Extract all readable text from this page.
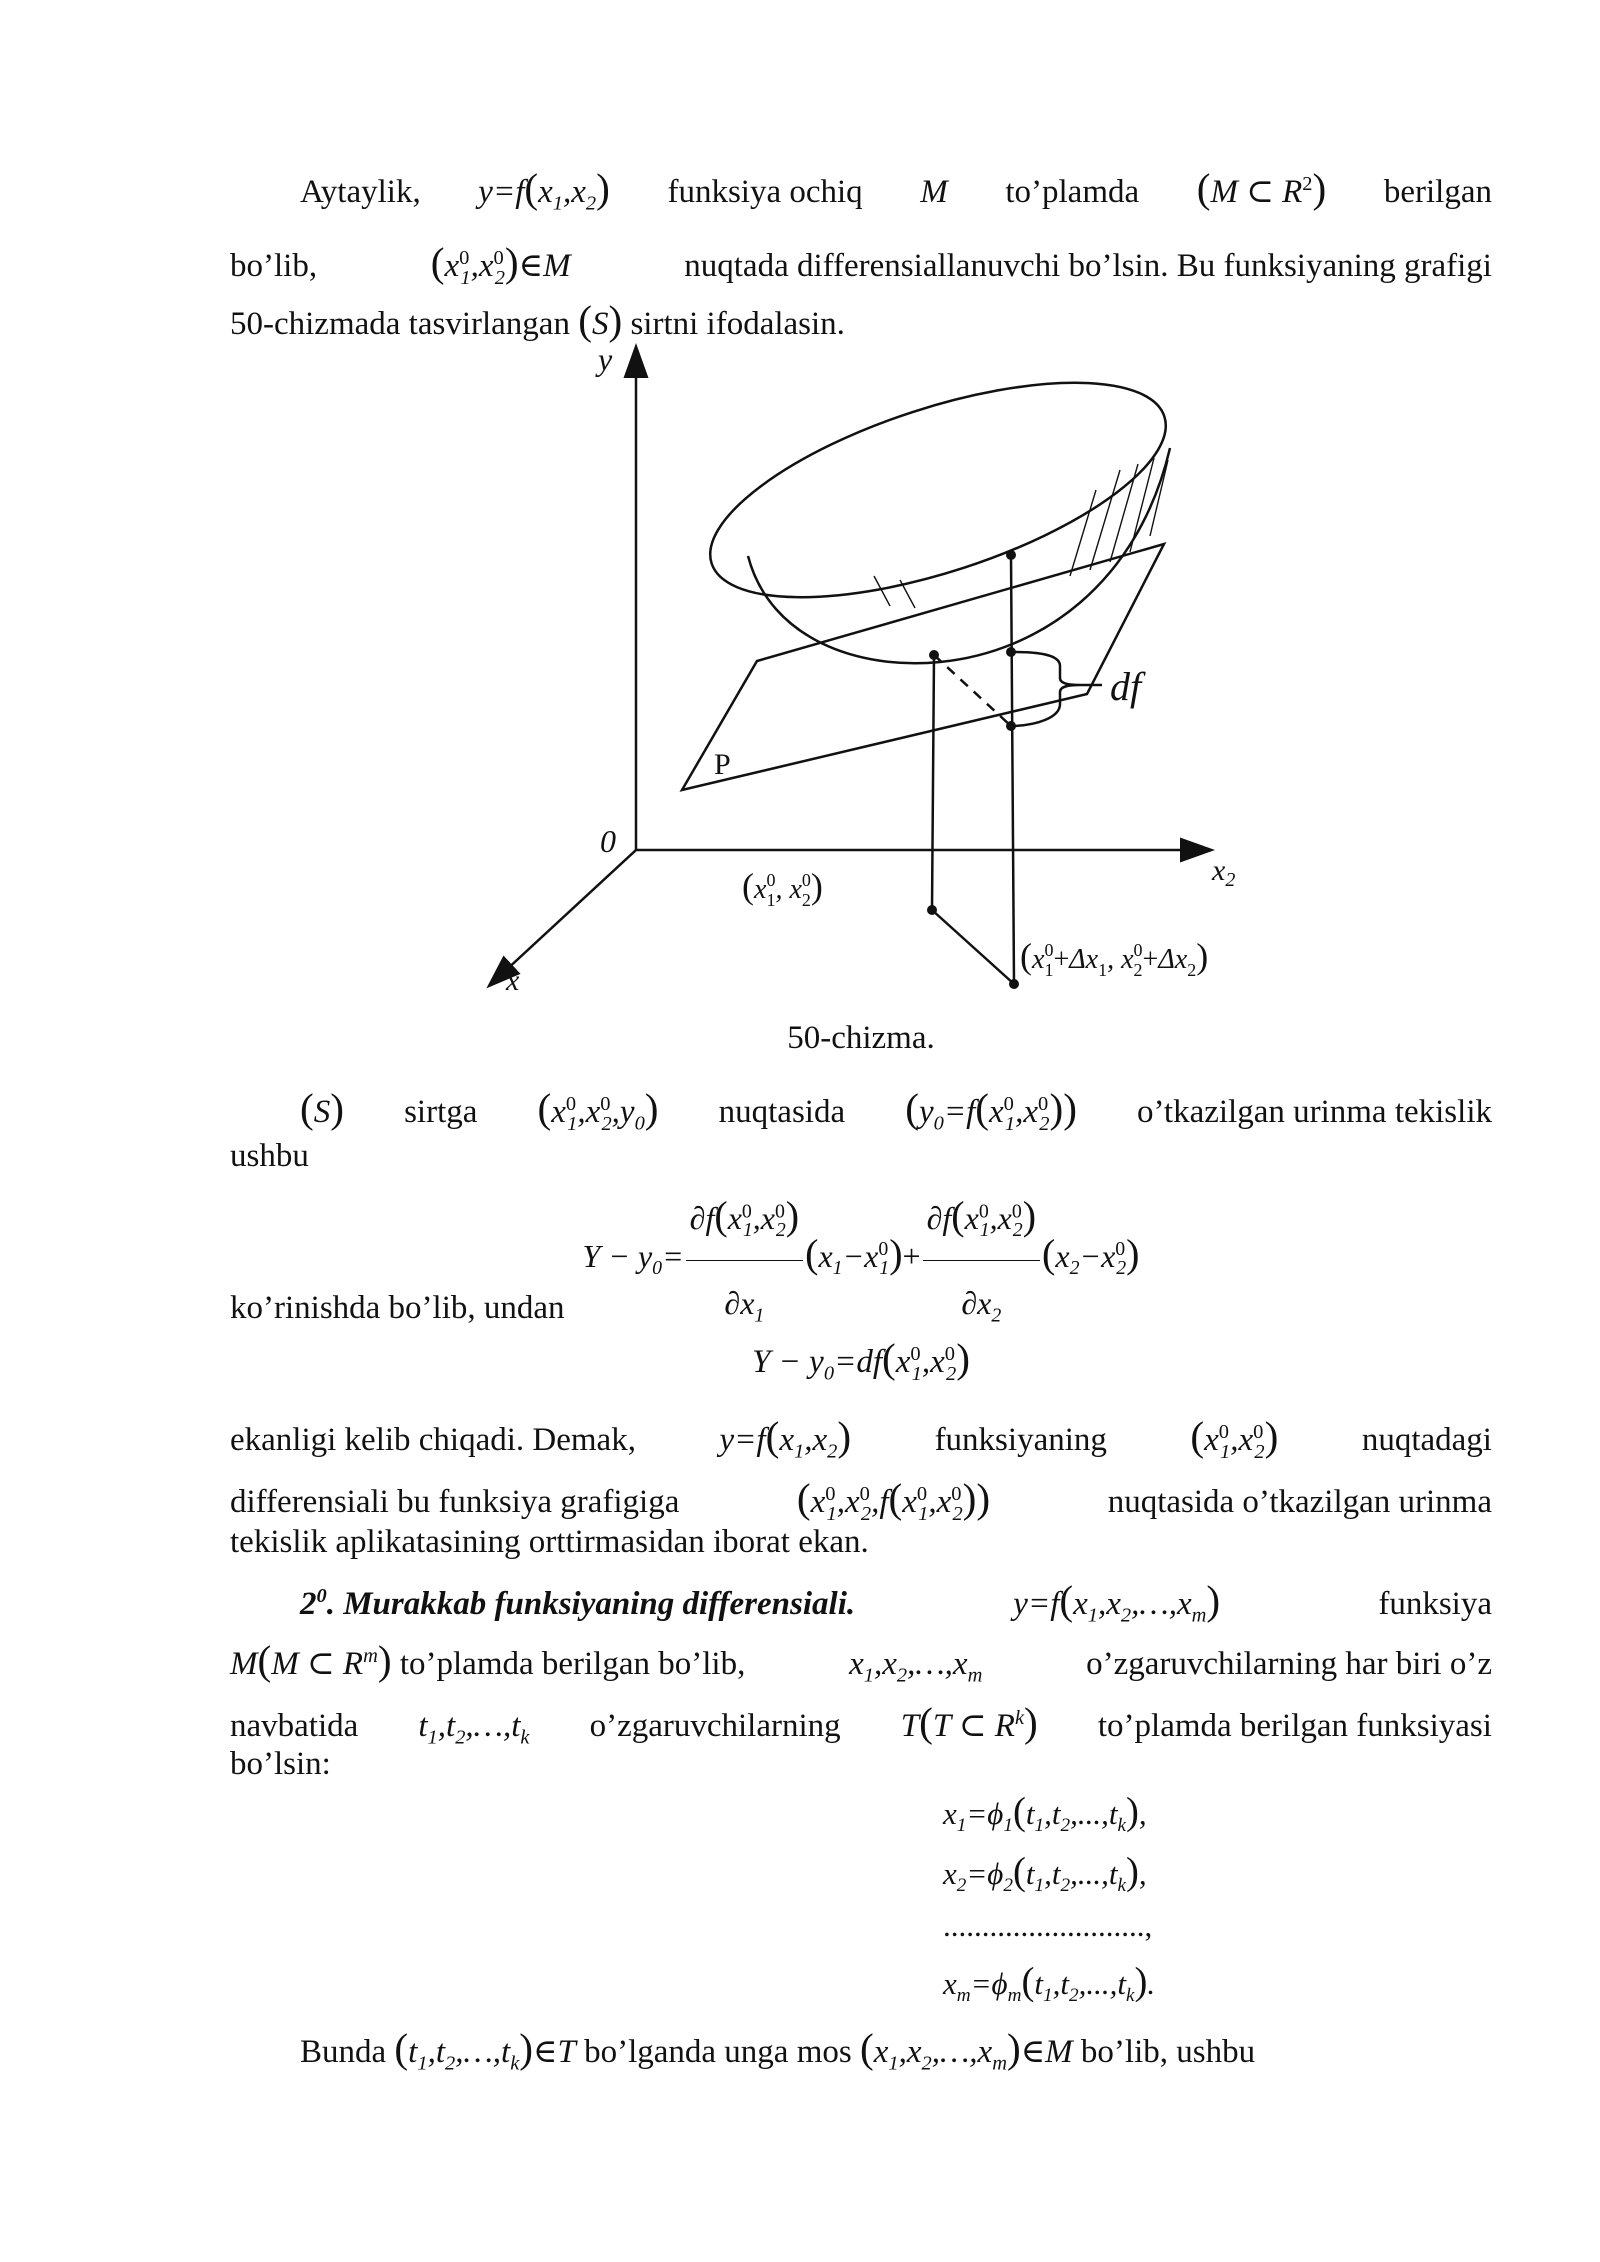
Aytaylik, $y=f(x_1,x_2)$ funksiya ochiq M to’plamda (M ⊂ $R^2$) berilgan
bo’lib,	$(x^0_1,x^0_2)\in M$	nuqtada differensiallanuvchi bo’lsin. Bu funksiyaning grafigi
50-chizmada tasvirlangan (S) sirtni ifodalasin.
50-chizma.
(S) sirtga $(x^0_1,x^0_2,y_0)$ nuqtasida $(y_0=f(x^0_1,x^0_2))$ o’tkazilgan urinma tekislik
ushbu
$Y - y_0= \frac{\partial f(x^0_1,x^0_2)}{\partial x_1} (x_1-x^0_1)+ \frac{\partial f(x^0_1,x^0_2)}{\partial x_2} (x_2-x^0_2)$
ko’rinishda bo’lib, undan
$Y - y_0=df(x^0_1,x^0_2)$
ekanligi kelib chiqadi. Demak,	$y=f(x_1,x_2)$	funksiyaning $(x^0_1,x^0_2)$	nuqtadagi
differensiali bu funksiya grafigiga	$(x^0_1,x^0_2,f(x^0_1,x^0_2))$	nuqtasida o’tkazilgan urinma
tekislik aplikatasining orttirmasidan iborat ekan.
$2^0$. Murakkab funksiyaning differensiali.	$y=f(x_1,x_2,\dots,x_m)$	funksiya
M(M ⊂ $R^m$) to’plamda berilgan bo’lib,	$x_1,x_2,\dots,x_m$	o’zgaruvchilarning har biri o’z
navbatida $t_1,t_2,\dots,t_k$ o’zgaruvchilarning T(T ⊂ $R^k$) to’plamda berilgan funksiyasi
bo’lsin:
$x_1=\phi_1(t_1,t_2,...,t_k)$,
$x_2=\phi_2(t_1,t_2,...,t_k)$,
..........................,
$x_m=\phi_m(t_1,t_2,...,t_k)$.
Bunda $(t_1,t_2,\dots,t_k)\in T$ bo’lganda unga mos $(x_1,x_2,\dots,x_m)\in M$ bo’lib, ushbu
y
0
$x_2$
x
P
df
($x^0$ 1, $x^0$ 2)
($x^0$ $1+\Delta x_1$, $x^0$ $2+\Delta x_2$)
